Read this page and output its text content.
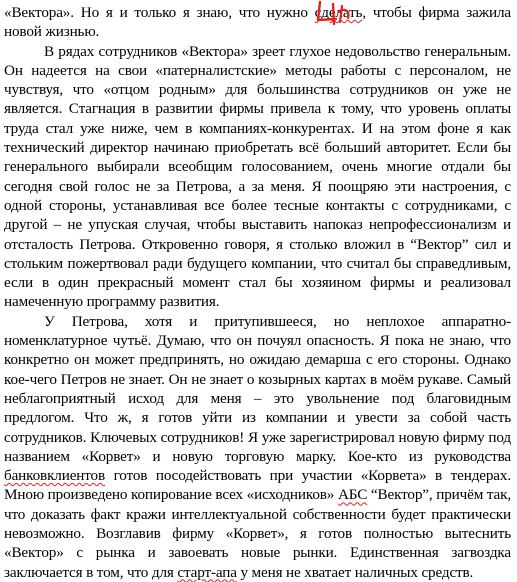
«Вектора». Но я и только я знаю, что нужно сделать, чтобы фирма зажила новой жизнью.

В рядах сотрудников «Вектора» зреет глухое недовольство генеральным. Он надеется на свои «патерналистские» методы работы с персоналом, не чувствуя, что «отцом родным» для большинства сотрудников он уже не является. Стагнация в развитии фирмы привела к тому, что уровень оплаты труда стал уже ниже, чем в компаниях-конкурентах. И на этом фоне я как технический директор начинаю приобретать всё больший авторитет. Если бы генерального выбирали всеобщим голосованием, очень многие отдали бы сегодня свой голос не за Петрова, а за меня. Я поощряю эти настроения, с одной стороны, устанавливая все более тесные контакты с сотрудниками, с другой – не упуская случая, чтобы выставить напоказ непрофессионализм и отсталость Петрова. Откровенно говоря, я столько вложил в “Вектор” сил и стольким пожертвовал ради будущего компании, что считал бы справедливым, если в один прекрасный момент стал бы хозяином фирмы и реализовал намеченную программу развития.

У Петрова, хотя и притупившееся, но неплохое аппаратно-номенклатурное чутьё. Думаю, что он почуял опасность. Я пока не знаю, что конкретно он может предпринять, но ожидаю демарша с его стороны. Однако кое-чего Петров не знает. Он не знает о козырных картах в моём рукаве. Самый неблагоприятный исход для меня – это увольнение под благовидным предлогом. Что ж, я готов уйти из компании и увести за собой часть сотрудников. Ключевых сотрудников! Я уже зарегистрировал новую фирму под названием «Корвет» и новую торговую марку. Кое-кто из руководства банковклиентов готов посодействовать при участии «Корвета» в тендерах. Мною произведено копирование всех «исходников» АБС “Вектор”, причём так, что доказать факт кражи интеллектуальной собственности будет практически невозможно. Возглавив фирму «Корвет», я готов полностью вытеснить «Вектор» с рынка и завоевать новые рынки. Единственная загвоздка заключается в том, что для старт-апа у меня не хватает наличных средств.
